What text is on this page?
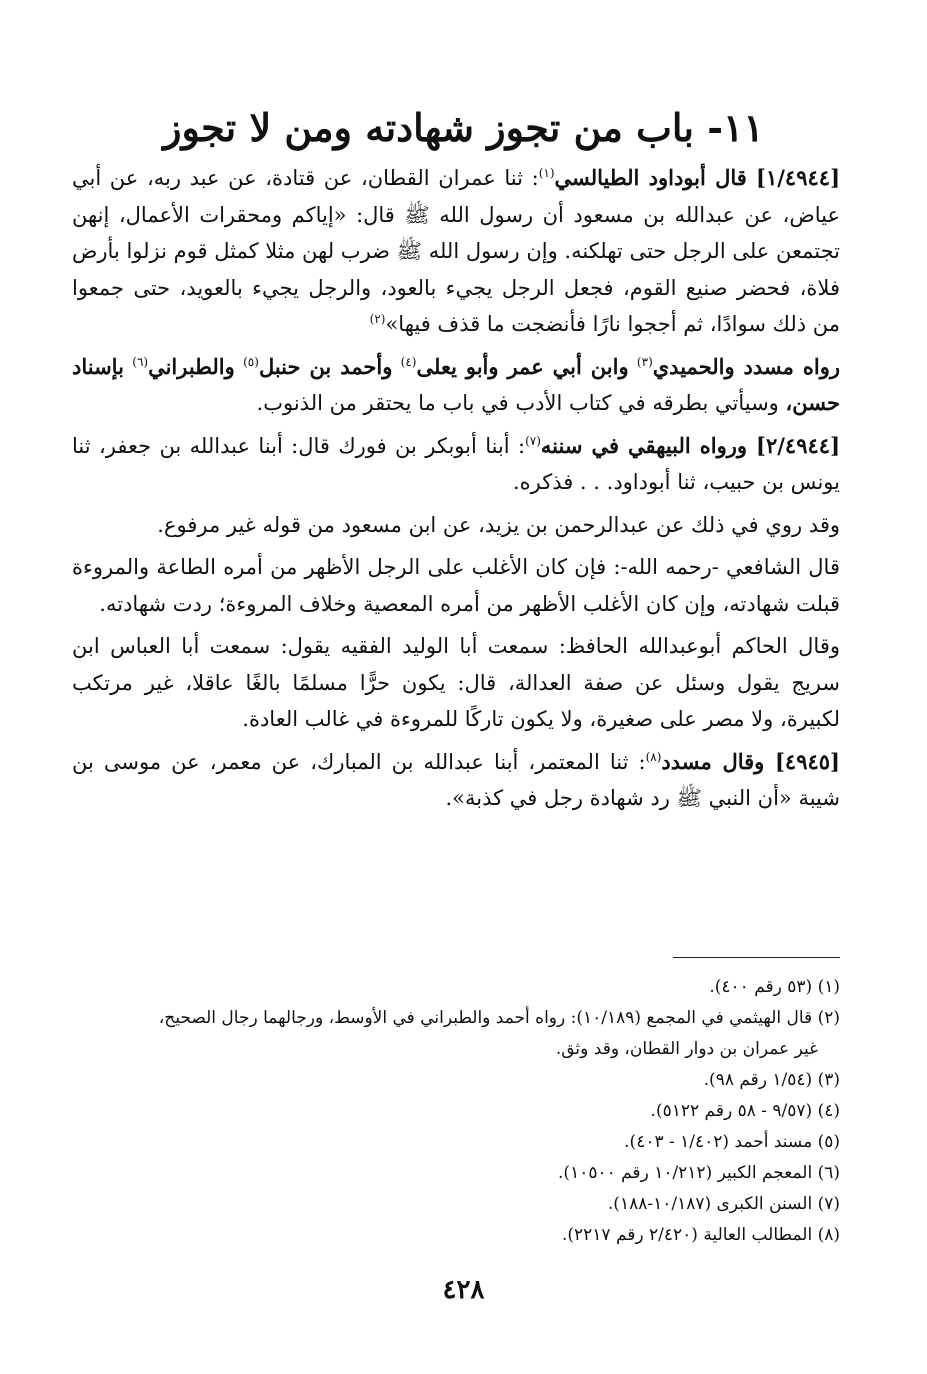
١١- باب من تجوز شهادته ومن لا تجوز

[١/٤٩٤٤] قال أبوداود الطيالسي$^{(١)}$: ثنا عمران القطان، عن قتادة، عن عبد ربه، عن أبي عياض، عن عبدالله بن مسعود أن رسول الله ﷺ قال: «إياكم ومحقرات الأعمال، إنهن تجتمعن على الرجل حتى تهلكنه. وإن رسول الله ﷺ ضرب لهن مثلا كمثل قوم نزلوا بأرض فلاة، فحضر صنيع القوم، فجعل الرجل يجيء بالعود، والرجل يجيء بالعويد، حتى جمعوا من ذلك سوادًا، ثم أججوا نارًا فأنضجت ما قذف فيها»$^{(٢)}$

رواه مسدد والحميدي$^{(٣)}$ وابن أبي عمر وأبو يعلى$^{(٤)}$ وأحمد بن حنبل$^{(٥)}$ والطبراني$^{(٦)}$ بإسناد حسن، وسيأتي بطرقه في كتاب الأدب في باب ما يحتقر من الذنوب.

[٢/٤٩٤٤] ورواه البيهقي في سننه$^{(٧)}$: أبنا أبوبكر بن فورك قال: أبنا عبدالله بن جعفر، ثنا يونس بن حبيب، ثنا أبوداود. . . فذكره.

وقد روي في ذلك عن عبدالرحمن بن يزيد، عن ابن مسعود من قوله غير مرفوع.

قال الشافعي -رحمه الله-: فإن كان الأغلب على الرجل الأظهر من أمره الطاعة والمروءة قبلت شهادته، وإن كان الأغلب الأظهر من أمره المعصية وخلاف المروءة؛ ردت شهادته.

وقال الحاكم أبوعبدالله الحافظ: سمعت أبا الوليد الفقيه يقول: سمعت أبا العباس ابن سريج يقول وسئل عن صفة العدالة، قال: يكون حرًّا مسلمًا بالغًا عاقلا، غير مرتكب لكبيرة، ولا مصر على صغيرة، ولا يكون تاركًا للمروءة في غالب العادة.

[٤٩٤٥] وقال مسدد$^{(٨)}$: ثنا المعتمر، أبنا عبدالله بن المبارك، عن معمر، عن موسى بن شيبة «أن النبي ﷺ رد شهادة رجل في كذبة».

(١) (٥٣ رقم ٤٠٠).
(٢) قال الهيثمي في المجمع (١٠/١٨٩): رواه أحمد والطبراني في الأوسط، ورجالهما رجال الصحيح،
غير عمران بن دوار القطان، وقد وثق.
(٣) (١/٥٤ رقم ٩٨).
(٤) (٩/٥٧ - ٥٨ رقم ٥١٢٢).
(٥) مسند أحمد (١/٤٠٢ - ٤٠٣).
(٦) المعجم الكبير (١٠/٢١٢ رقم ١٠٥٠٠).
(٧) السنن الكبرى (١٠/١٨٧-١٨٨).
(٨) المطالب العالية (٢/٤٢٠ رقم ٢٢١٧).
٤٢٨
